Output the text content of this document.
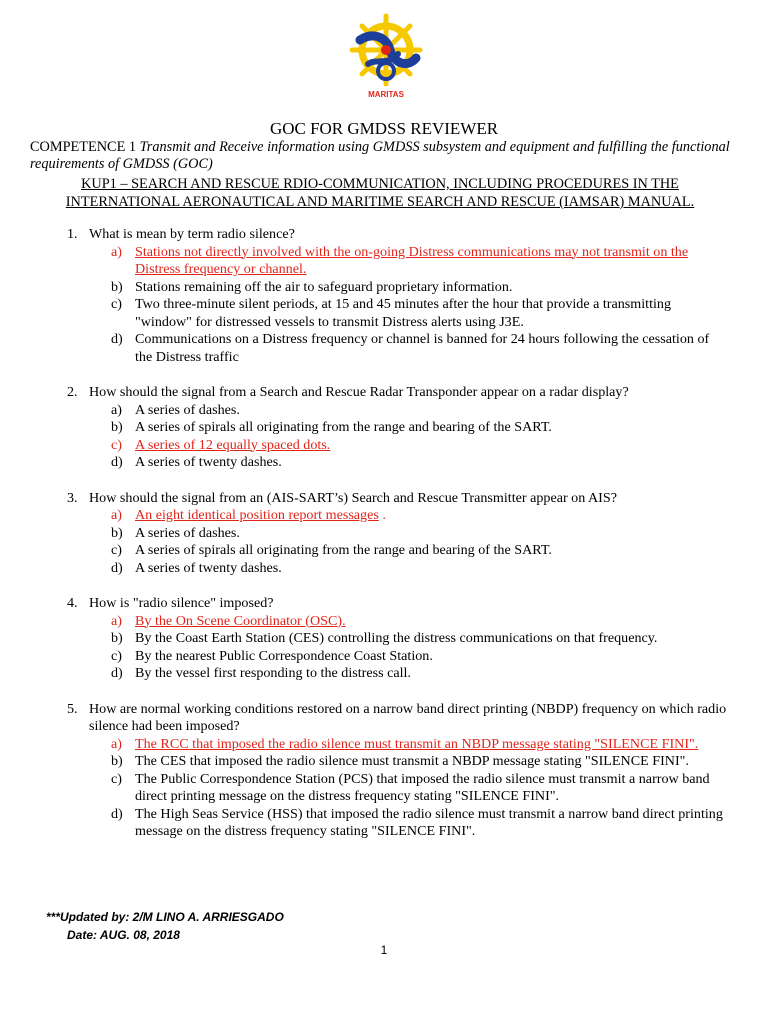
MARITAS
GOC FOR GMDSS REVIEWER
COMPETENCE 1 Transmit and Receive information using GMDSS subsystem and equipment and fulfilling the functional requirements of GMDSS (GOC)
KUP1 – SEARCH AND RESCUE RDIO-COMMUNICATION, INCLUDING PROCEDURES IN THE INTERNATIONAL AERONAUTICAL AND MARITIME SEARCH AND RESCUE (IAMSAR) MANUAL.
1. What is mean by term radio silence?
a) Stations not directly involved with the on-going Distress communications may not transmit on the Distress frequency or channel.
b) Stations remaining off the air to safeguard proprietary information.
c) Two three-minute silent periods, at 15 and 45 minutes after the hour that provide a transmitting "window" for distressed vessels to transmit Distress alerts using J3E.
d) Communications on a Distress frequency or channel is banned for 24 hours following the cessation of the Distress traffic
2. How should the signal from a Search and Rescue Radar Transponder appear on a radar display?
a) A series of dashes.
b) A series of spirals all originating from the range and bearing of the SART.
c) A series of 12 equally spaced dots.
d) A series of twenty dashes.
3. How should the signal from an (AIS-SART’s) Search and Rescue Transmitter appear on AIS?
a) An eight identical position report messages .
b) A series of dashes.
c) A series of spirals all originating from the range and bearing of the SART.
d) A series of twenty dashes.
4. How is "radio silence" imposed?
a) By the On Scene Coordinator (OSC).
b) By the Coast Earth Station (CES) controlling the distress communications on that frequency.
c) By the nearest Public Correspondence Coast Station.
d) By the vessel first responding to the distress call.
5. How are normal working conditions restored on a narrow band direct printing (NBDP) frequency on which radio silence had been imposed?
a) The RCC that imposed the radio silence must transmit an NBDP message stating "SILENCE FINI".
b) The CES that imposed the radio silence must transmit a NBDP message stating "SILENCE FINI".
c) The Public Correspondence Station (PCS) that imposed the radio silence must transmit a narrow band direct printing message on the distress frequency stating "SILENCE FINI".
d) The High Seas Service (HSS) that imposed the radio silence must transmit a narrow band direct printing message on the distress frequency stating "SILENCE FINI".
***Updated by: 2/M LINO A. ARRIESGADO
Date: AUG. 08, 2018
1
